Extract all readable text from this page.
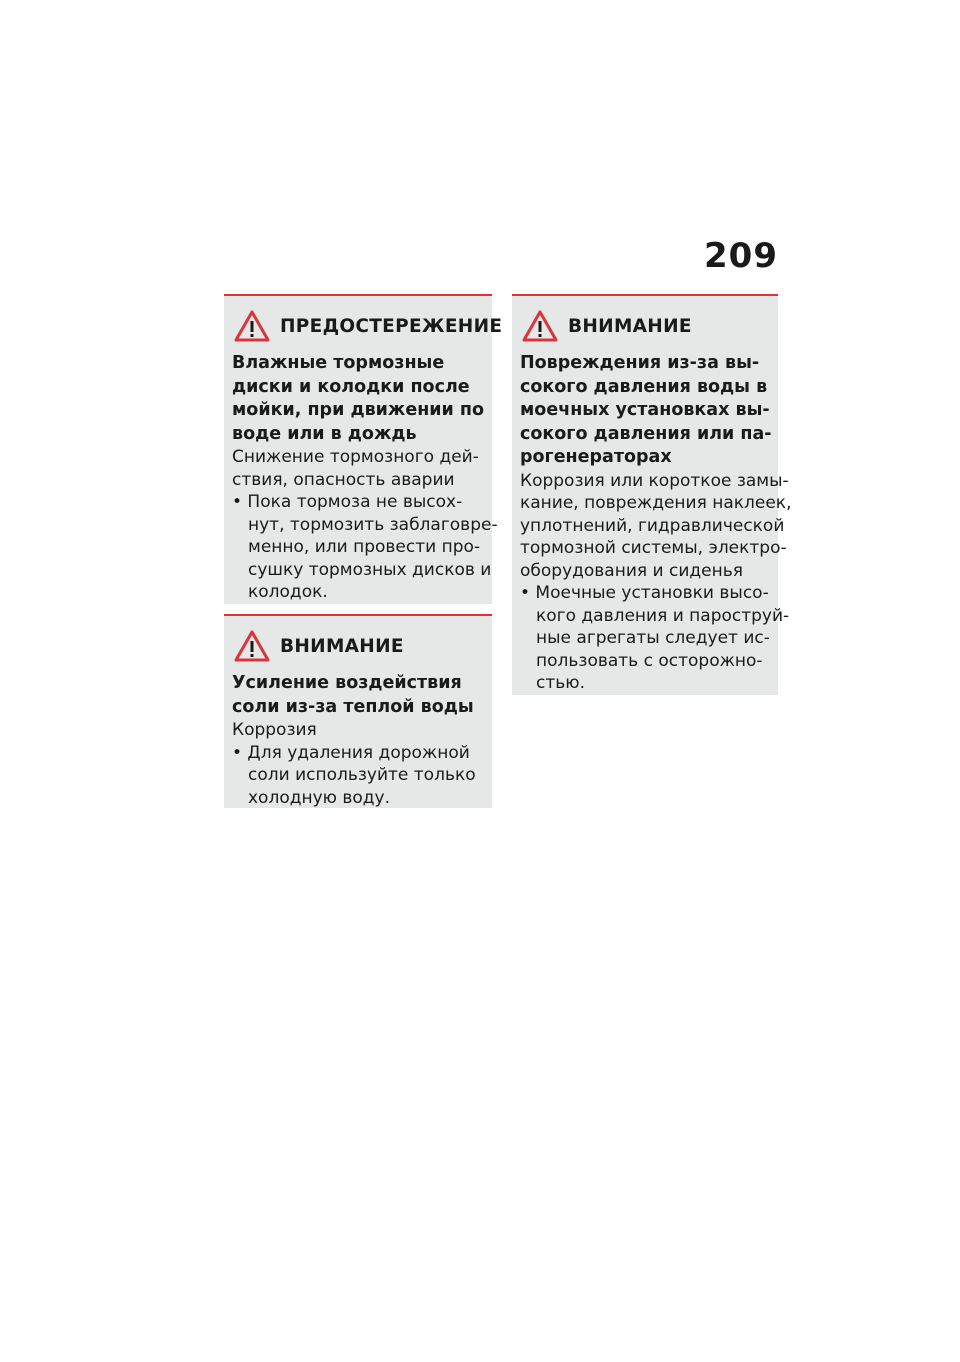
209
ПРЕДОСТЕРЕЖЕНИЕ
Влажные тормозные
диски и колодки после
мойки, при движении по
воде или в дождь
Снижение тормозного дей-
ствия, опасность аварии
• Пока тормоза не высох-
нут, тормозить заблаговре-
менно, или провести про-
сушку тормозных дисков и
колодок.
ВНИМАНИЕ
Усиление воздействия
соли из-за теплой воды
Коррозия
• Для удаления дорожной
соли используйте только
холодную воду.
ВНИМАНИЕ
Повреждения из-за вы-
сокого давления воды в
моечных установках вы-
сокого давления или па-
рогенераторах
Коррозия или короткое замы-
кание, повреждения наклеек,
уплотнений, гидравлической
тормозной системы, электро-
оборудования и сиденья
• Моечные установки высо-
кого давления и пароструй-
ные агрегаты следует ис-
пользовать с осторожно-
стью.
